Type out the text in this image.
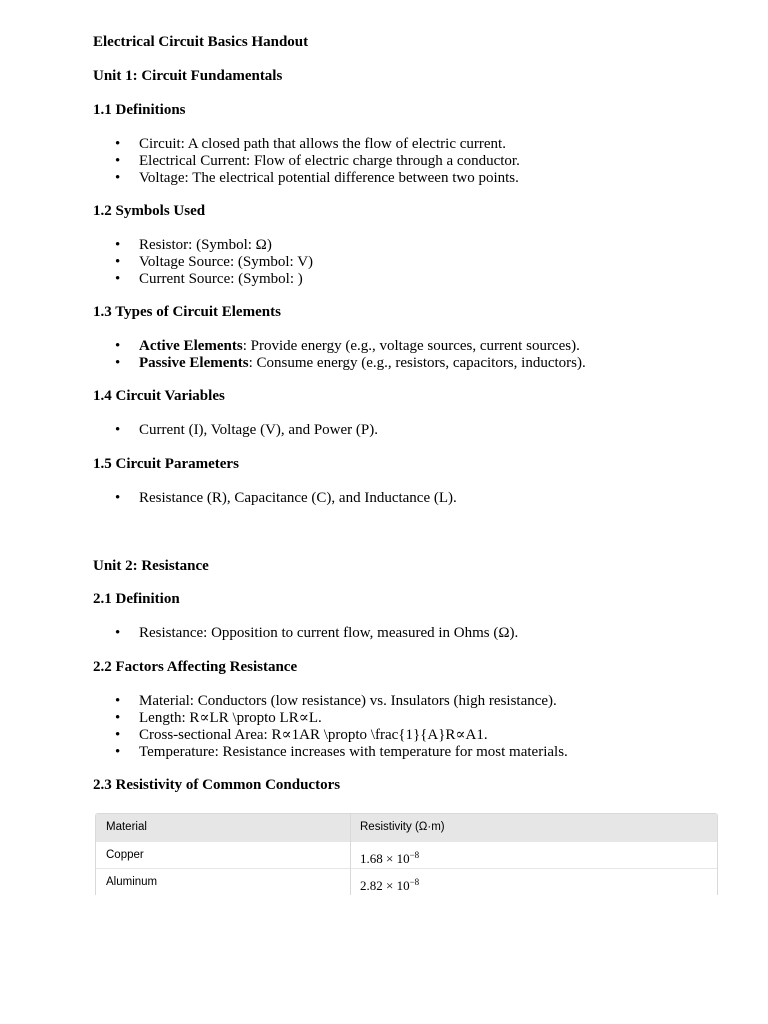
Electrical Circuit Basics Handout
Unit 1: Circuit Fundamentals
1.1 Definitions
• Circuit: A closed path that allows the flow of electric current.
• Electrical Current: Flow of electric charge through a conductor.
• Voltage: The electrical potential difference between two points.
1.2 Symbols Used
• Resistor: (Symbol: Ω)
• Voltage Source: (Symbol: V)
• Current Source: (Symbol: )
1.3 Types of Circuit Elements
• Active Elements: Provide energy (e.g., voltage sources, current sources).
• Passive Elements: Consume energy (e.g., resistors, capacitors, inductors).
1.4 Circuit Variables
• Current (I), Voltage (V), and Power (P).
1.5 Circuit Parameters
• Resistance (R), Capacitance (C), and Inductance (L).
Unit 2: Resistance
2.1 Definition
• Resistance: Opposition to current flow, measured in Ohms (Ω).
2.2 Factors Affecting Resistance
• Material: Conductors (low resistance) vs. Insulators (high resistance).
• Length: R∝LR \propto LR∝L.
• Cross-sectional Area: R∝1AR \propto \frac{1}{A}R∝A1.
• Temperature: Resistance increases with temperature for most materials.
2.3 Resistivity of Common Conductors
Material	Resistivity (Ω·m)
Copper	$1.68 \times 10^{-8}$
Aluminum	$2.82 \times 10^{-8}$
